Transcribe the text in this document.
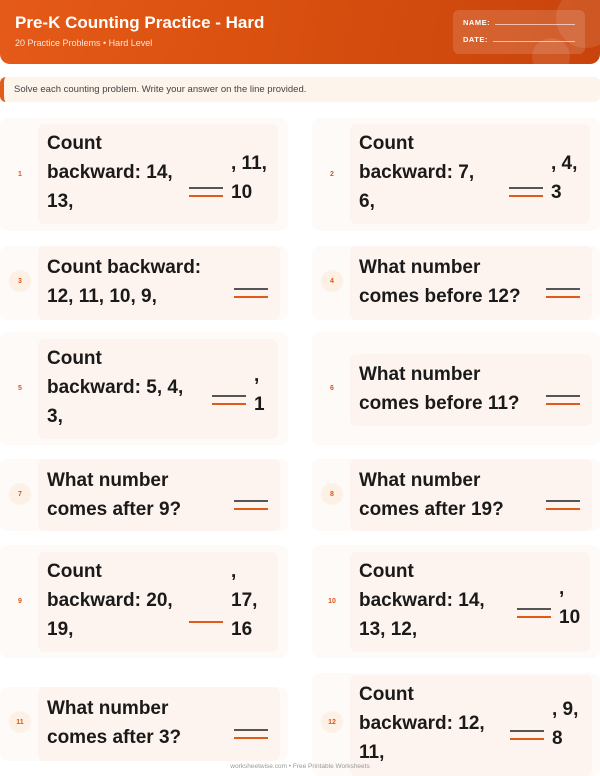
Pre-K Counting Practice - Hard
20 Practice Problems • Hard Level
NAME:
DATE:
Solve each counting problem. Write your answer on the line provided.
1
Count
backward: 14,
13,
, 11,
10
2
Count
backward: 7,
6,
, 4,
3
3
Count backward:
12, 11, 10, 9,
4
What number
comes before 12?
5
Count
backward: 5, 4,
3,
,
1
6
What number
comes before 11?
7
What number
comes after 9?
8
What number
comes after 19?
9
Count
backward: 20,
19,
,
17,
16
10
Count
backward: 14,
13, 12,
,
10
11
What number
comes after 3?
12
Count
backward: 12,
11,
, 9,
8
worksheetwise.com • Free Printable Worksheets
